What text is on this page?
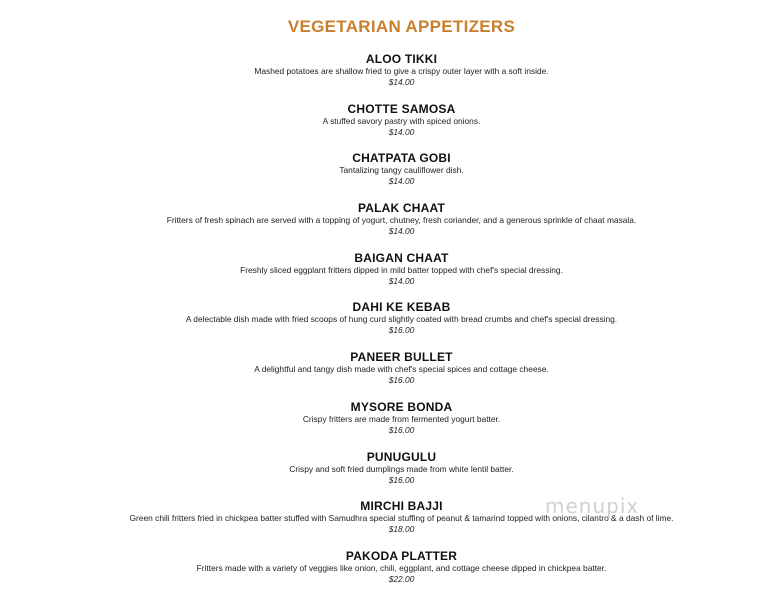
VEGETARIAN APPETIZERS
ALOO TIKKI
Mashed potatoes are shallow fried to give a crispy outer layer with a soft inside.
$14.00
CHOTTE SAMOSA
A stuffed savory pastry with spiced onions.
$14.00
CHATPATA GOBI
Tantalizing tangy cauliflower dish.
$14.00
PALAK CHAAT
Fritters of fresh spinach are served with a topping of yogurt, chutney, fresh coriander, and a generous sprinkle of chaat masala.
$14.00
BAIGAN CHAAT
Freshly sliced eggplant fritters dipped in mild batter topped with chef's special dressing.
$14.00
DAHI KE KEBAB
A delectable dish made with fried scoops of hung curd slightly coated with bread crumbs and chef's special dressing.
$16.00
PANEER BULLET
A delightful and tangy dish made with chef's special spices and cottage cheese.
$16.00
MYSORE BONDA
Crispy fritters are made from fermented yogurt batter.
$16.00
PUNUGULU
Crispy and soft fried dumplings made from white lentil batter.
$16.00
MIRCHI BAJJI
Green chili fritters fried in chickpea batter stuffed with Samudhra special stuffing of peanut & tamarind topped with onions, cilantro & a dash of lime.
$18.00
PAKODA PLATTER
Fritters made with a variety of veggies like onion, chili, eggplant, and cottage cheese dipped in chickpea batter.
$22.00
menupix
